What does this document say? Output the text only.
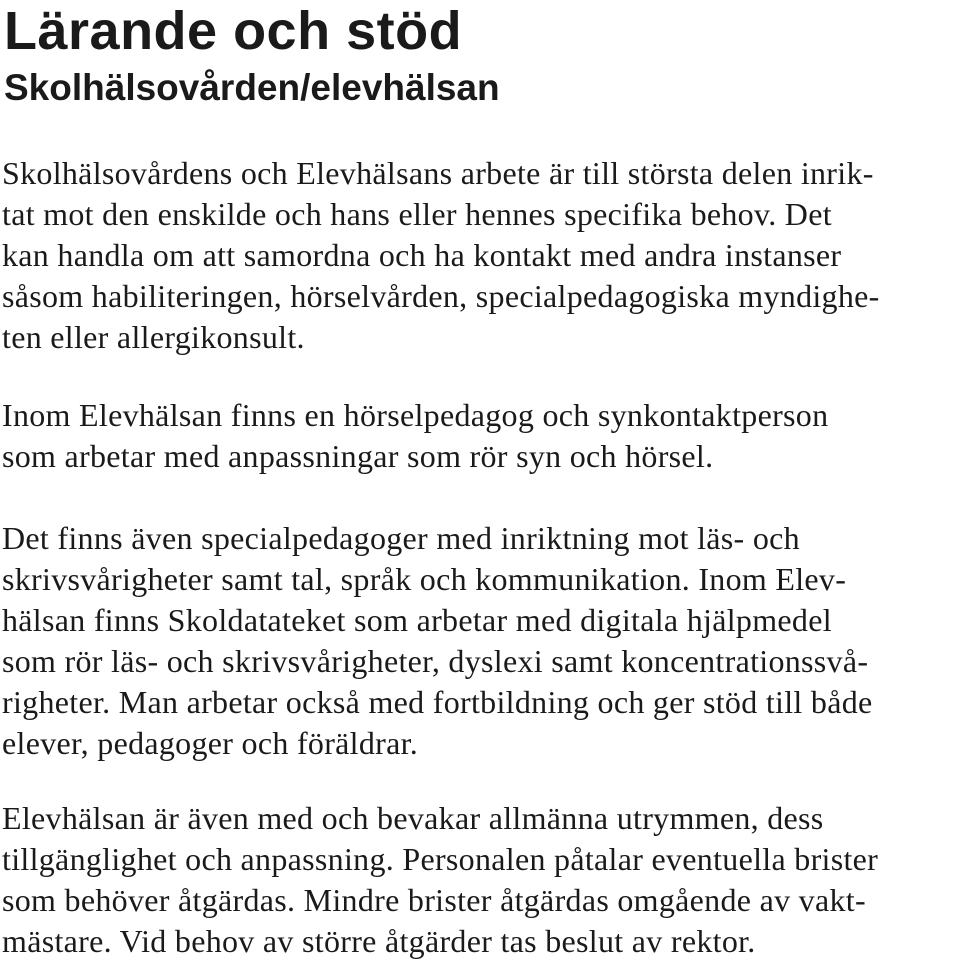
Lärande och stöd
Skolhälsovården/elevhälsan

Skolhälsovårdens och Elevhälsans arbete är till största delen inrik-
tat mot den enskilde och hans eller hennes specifika behov. Det
kan handla om att samordna och ha kontakt med andra instanser
såsom habiliteringen, hörselvården, specialpedagogiska myndighe-
ten eller allergikonsult.

Inom Elevhälsan finns en hörselpedagog och synkontaktperson
som arbetar med anpassningar som rör syn och hörsel.

Det finns även specialpedagoger med inriktning mot läs- och
skrivsvårigheter samt tal, språk och kommunikation. Inom Elev-
hälsan finns Skoldatateket som arbetar med digitala hjälpmedel
som rör läs- och skrivsvårigheter, dyslexi samt koncentrationssvå-
righeter. Man arbetar också med fortbildning och ger stöd till både
elever, pedagoger och föräldrar.

Elevhälsan är även med och bevakar allmänna utrymmen, dess
tillgänglighet och anpassning. Personalen påtalar eventuella brister
som behöver åtgärdas. Mindre brister åtgärdas omgående av vakt-
mästare. Vid behov av större åtgärder tas beslut av rektor.
